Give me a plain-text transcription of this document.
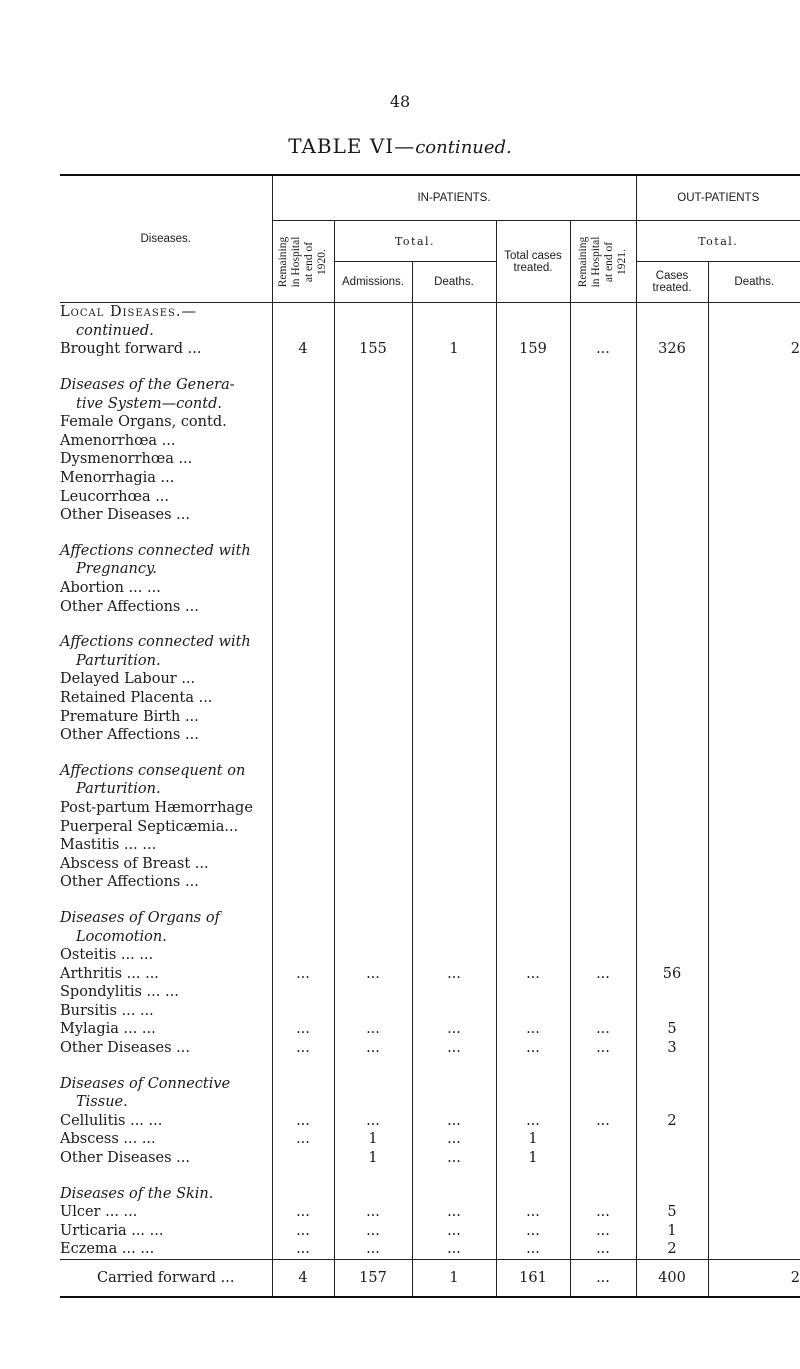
48
TABLE VI—continued.

Diseases.	IN-PATIENTS.					OUT-PATIENTS	

	Remaining
in Hospital
at end of
1920.	Total.		Total cases
treated.	Remaining
in Hospital
at end of
1921.	Total.	
		Admissions.	Deaths.			Cases
treated.	Deaths.

Local Diseases.—							
continued.							
Brought forward ...	4	155	1	159	...	326	2

Diseases of the Genera-							
tive System—contd.							
Female Organs, contd.							
Amenorrhœa ...							
Dysmenorrhœa ...							
Menorrhagia ...							
Leucorrhœa ...							
Other Diseases ...							

Affections connected with							
Pregnancy.							
Abortion ... ...							
Other Affections ...							

Affections connected with							
Parturition.							
Delayed Labour ...							
Retained Placenta ...							
Premature Birth ...							
Other Affections ...							

Affections consequent on							
Parturition.							
Post-partum Hæmorrhage							
Puerperal Septicæmia...							
Mastitis ... ...							
Abscess of Breast ...							
Other Affections ...							

Diseases of Organs of							
Locomotion.							
Osteitis ... ...							
Arthritis ... ...	...	...	...	...	...	56	
Spondylitis ... ...							
Bursitis ... ...							
Mylagia ... ...	...	...	...	...	...	5	
Other Diseases ...	...	...	...	...	...	3	

Diseases of Connective							
Tissue.							
Cellulitis ... ...	...	...	...	...	...	2	
Abscess ... ...	...	1	...	1			
Other Diseases ...		1	...	1			

Diseases of the Skin.							
Ulcer ... ...	...	...	...	...	...	5	
Urticaria ... ...	...	...	...	...	...	1	
Eczema ... ...	...	...	...	...	...	2	
Carried forward ...	4	157	1	161	...	400	2
